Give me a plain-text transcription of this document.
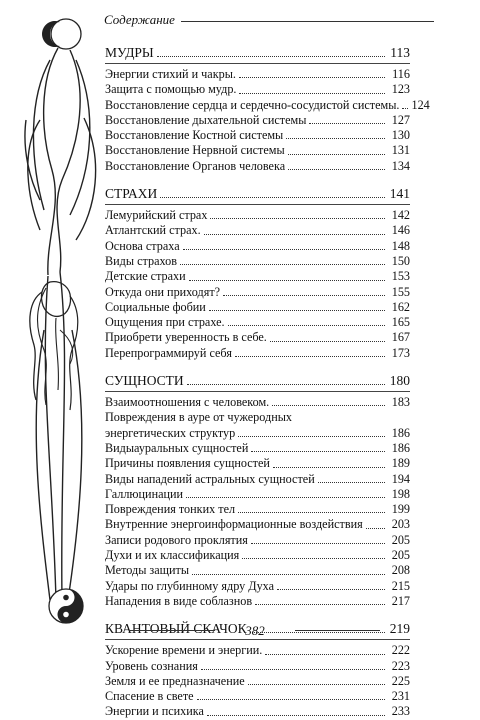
Содержание
МУДРЫ	113
Энергии стихий и чакры.	116
Защита с помощью мудр.	123
Восстановление сердца и сердечно-сосудистой системы. 124
Восстановление дыхательной системы	127
Восстановление Костной системы	130
Восстановление Нервной системы	131
Восстановление Органов человека	134
СТРАХИ	141
Лемурийский страх	142
Атлантский страх.	146
Основа страха	148
Виды страхов	150
Детские страхи	153
Откуда они приходят?	155
Социальные фобии	162
Ощущения при страхе.	165
Приобрети уверенность в себе.	167
Перепрограммируй себя	173
СУЩНОСТИ	180
Взаимоотношения с человеком.	183
Повреждения в ауре от чужеродных
энергетических структур	186
Видыауральных сущностей	186
Причины появления сущностей	189
Виды нападений астральных сущностей	194
Галлюцинации	198
Повреждения тонких тел	199
Внутренние энергоинформационные воздействия	203
Записи родового проклятия	205
Духи и их классификация	205
Методы защиты	208
Удары по глубинному ядру Духа	215
Нападения в виде соблазнов	217
КВАНТОВЫЙ СКАЧОК	219
Ускорение времени и энергии.	222
Уровень сознания	223
Земля и ее предназначение	225
Спасение в свете	231
Энергии и психика	233
382
